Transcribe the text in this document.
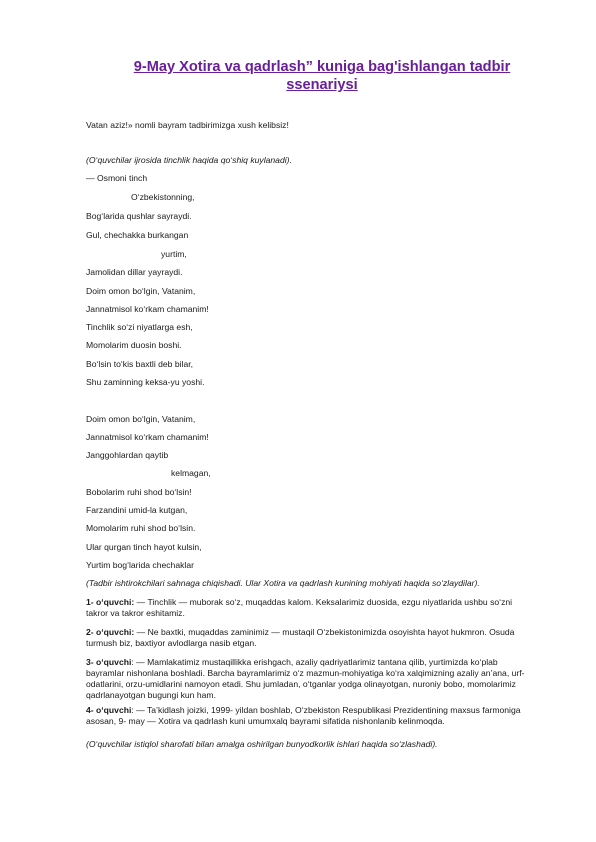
9-May Xotira va qadrlash” kuniga bag'ishlangan tadbir ssenariysi
Vatan aziz!» nomli bayram tadbirimizga xush kelibsiz!
(O‘quvchilar ijrosida tinchlik haqida qo‘shiq kuylanadi).
— Osmoni tinch
O‘zbekistonning,
Bog‘larida qushlar sayraydi.
Gul, chechakka burkangan
yurtim,
Jamolidan dillar yayraydi.
Doim omon bo‘lgin, Vatanim,
Jannatmisol ko‘rkam chamanim!
Tinchlik so‘zi niyatlarga esh,
Momolarim duosin boshi.
Bo‘lsin to‘kis baxtli deb bilar,
Shu zaminning keksa-yu yoshi.
Doim omon bo‘lgin, Vatanim,
Jannatmisol ko‘rkam chamanim!
Janggohlardan qaytib
kelmagan,
Bobolarim ruhi shod bo‘lsin!
Farzandini umid-la kutgan,
Momolarim ruhi shod bo‘lsin.
Ular qurgan tinch hayot kulsin,
Yurtim bog‘larida chechaklar
(Tadbir ishtirokchilari sahnaga chiqishadi. Ular Xotira va qadrlash kunining mohiyati haqida so‘zlaydilar).
1- o‘quvchi: — Tinchlik — muborak so‘z, muqaddas kalom. Keksalarimiz duosida, ezgu niyatlarida ushbu so‘zni takror va takror eshitamiz.
2- o‘quvchi: — Ne baxtki, muqaddas zaminimiz — mustaqil O‘zbekistonimizda osoyishta hayot hukmron. Osuda turmush biz, baxtiyor avlodlarga nasib etgan.
3- o‘quvchi: — Mamlakatimiz mustaqillikka erishgach, azaliy qadriyatlarimiz tantana qilib, yurtimizda ko‘plab bayramlar nishonlana boshladi. Barcha bayramlarimiz o‘z mazmun-mohiyatiga ko‘ra xalqimizning azaliy an’ana, urf-odatlarini, orzu-umidlarini namoyon etadi. Shu jumladan, o‘tganlar yodga olinayotgan, nuroniy bobo, momolarimiz qadrlanayotgan bugungi kun ham.
4- o‘quvchi: — Ta’kidlash joizki, 1999- yildan boshlab, O‘zbekiston Respublikasi Prezidentining maxsus farmoniga asosan, 9- may — Xotira va qadrlash kuni umumxalq bayrami sifatida nishonlanib kelinmoqda.
(O‘quvchilar istiqlol sharofati bilan amalga oshirilgan bunyodkorlik ishlari haqida so‘zlashadi).
